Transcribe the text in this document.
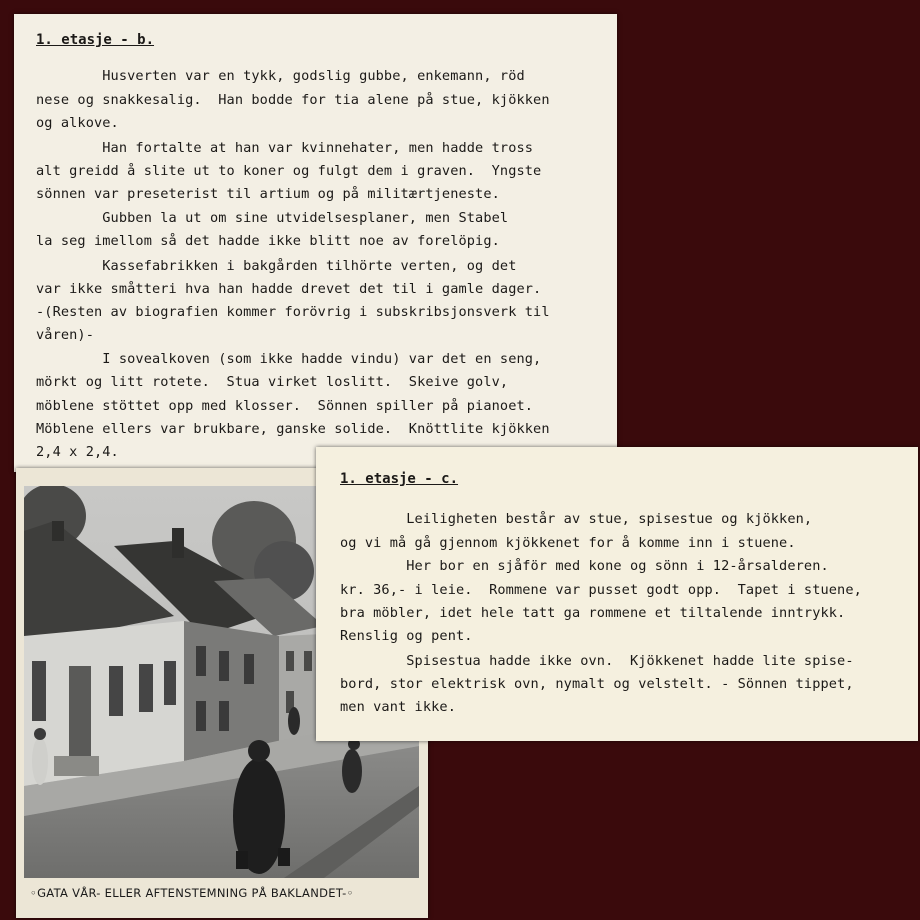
1. etasje - b.
Husverten var en tykk, godslig gubbe, enkemann, röd
nese og snakkesalig.  Han bodde for tia alene på stue, kjökken
og alkove.
Han fortalte at han var kvinnehater, men hadde tross
alt greidd å slite ut to koner og fulgt dem i graven.  Yngste
sönnen var preseterist til artium og på militærtjeneste.
Gubben la ut om sine utvidelsesplaner, men Stabel
la seg imellom så det hadde ikke blitt noe av forelöpig.
Kassefabrikken i bakgården tilhörte verten, og det
var ikke småtteri hva han hadde drevet det til i gamle dager.
-(Resten av biografien kommer forövrig i subskribsjonsverk til
våren)-
I sovealkoven (som ikke hadde vindu) var det en seng,
mörkt og litt rotete.  Stua virket loslitt.  Skeive golv,
möblene stöttet opp med klosser.  Sönnen spiller på pianoet.
Möblene ellers var brukbare, ganske solide.  Knöttlite kjökken
2,4 x 2,4.
◦GATA VÅR- ELLER AFTENSTEMNING PÅ BAKLANDET-◦
1. etasje - c.
Leiligheten består av stue, spisestue og kjökken,
og vi må gå gjennom kjökkenet for å komme inn i stuene.
Her bor en sjåför med kone og sönn i 12-årsalderen.
kr. 36,- i leie.  Rommene var pusset godt opp.  Tapet i stuene,
bra möbler, idet hele tatt ga rommene et tiltalende inntrykk.
Renslig og pent.
Spisestua hadde ikke ovn.  Kjökkenet hadde lite spise-
bord, stor elektrisk ovn, nymalt og velstelt. - Sönnen tippet,
men vant ikke.
